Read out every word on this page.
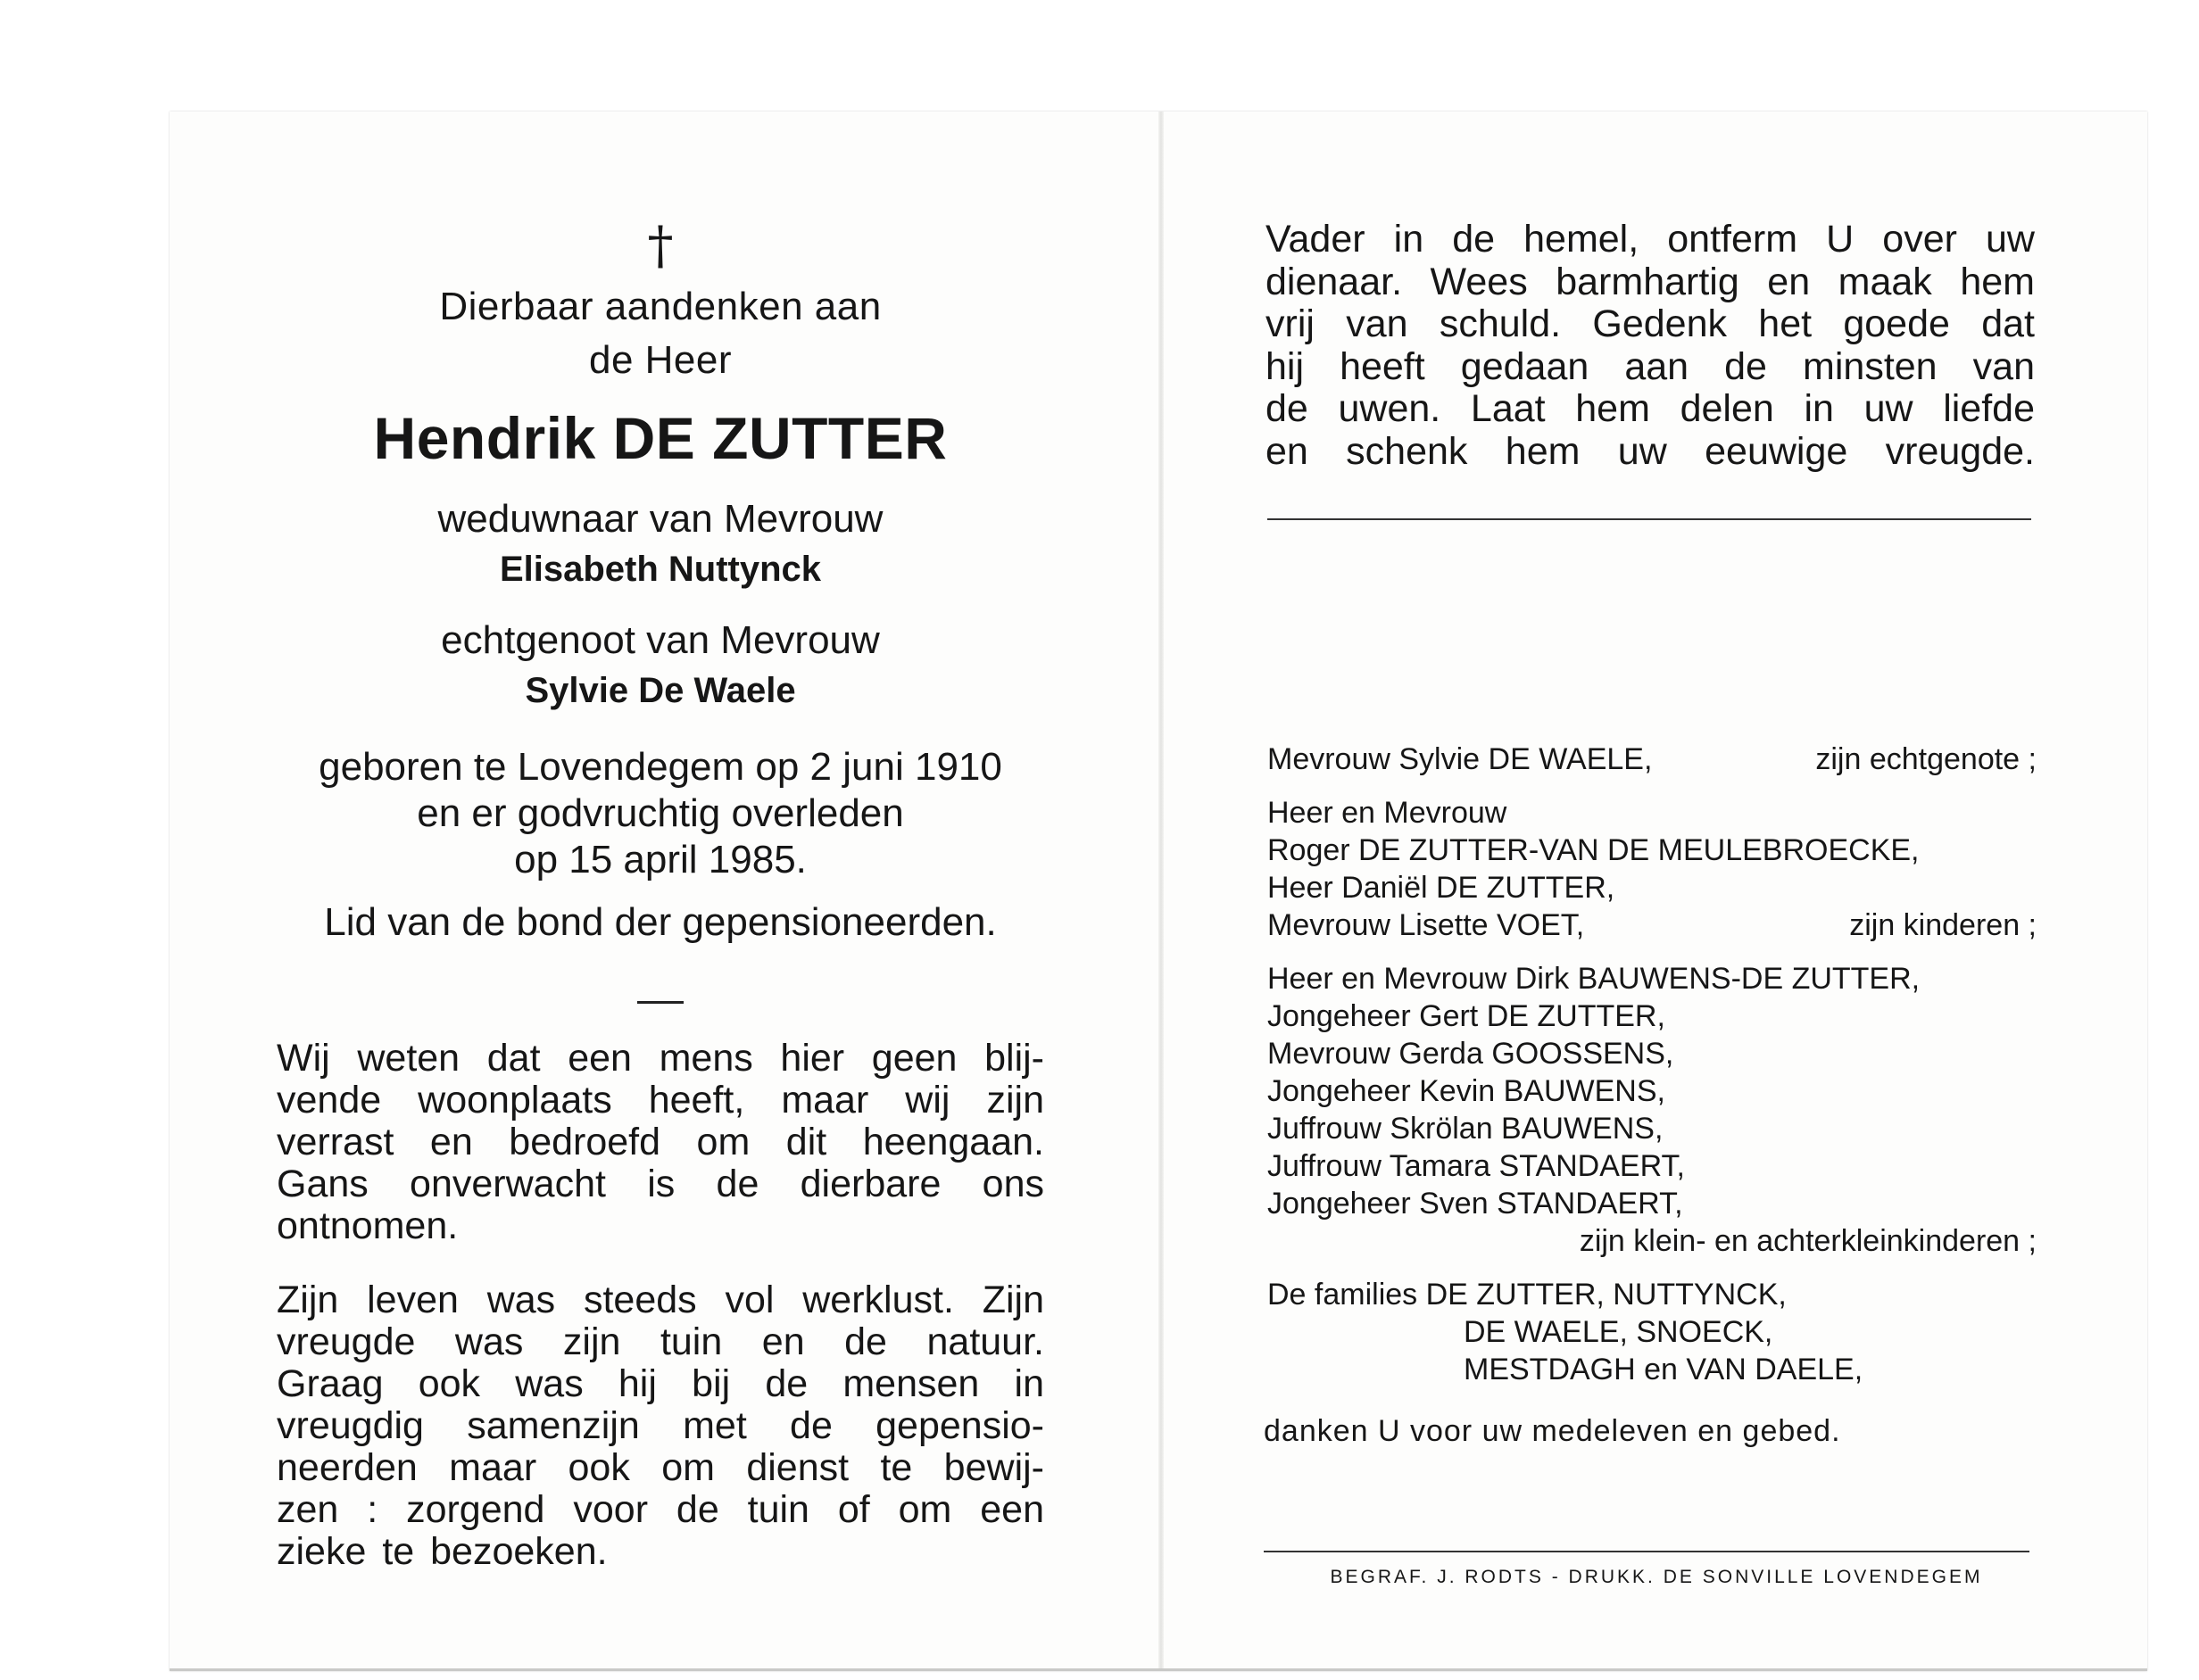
†
Dierbaar aandenken aan
de Heer
Hendrik DE ZUTTER
weduwnaar van Mevrouw
Elisabeth Nuttynck
echtgenoot van Mevrouw
Sylvie De Waele
geboren te Lovendegem op 2 juni 1910
en er godvruchtig overleden
op 15 april 1985.
Lid van de bond der gepensioneerden.
Wij weten dat een mens hier geen blij-
vende woonplaats heeft, maar wij zijn
verrast en bedroefd om dit heengaan.
Gans onverwacht is de dierbare ons
ontnomen.
Zijn leven was steeds vol werklust. Zijn
vreugde was zijn tuin en de natuur.
Graag ook was hij bij de mensen in
vreugdig samenzijn met de gepensio-
neerden maar ook om dienst te bewij-
zen : zorgend voor de tuin of om een
zieke te bezoeken.
Vader in de hemel, ontferm U over uw
dienaar. Wees barmhartig en maak hem
vrij van schuld. Gedenk het goede dat
hij heeft gedaan aan de minsten van
de uwen. Laat hem delen in uw liefde
en schenk hem uw eeuwige vreugde.
Mevrouw Sylvie DE WAELE,	zijn echtgenote ;
Heer en Mevrouw
Roger DE ZUTTER-VAN DE MEULEBROECKE,
Heer Daniël DE ZUTTER,
Mevrouw Lisette VOET,	zijn kinderen ;
Heer en Mevrouw Dirk BAUWENS-DE ZUTTER,
Jongeheer Gert DE ZUTTER,
Mevrouw Gerda GOOSSENS,
Jongeheer Kevin BAUWENS,
Juffrouw Skrölan BAUWENS,
Juffrouw Tamara STANDAERT,
Jongeheer Sven STANDAERT,
zijn klein- en achterkleinkinderen ;
De families DE ZUTTER, NUTTYNCK,
DE WAELE, SNOECK,
MESTDAGH en VAN DAELE,
danken U voor uw medeleven en gebed.
BEGRAF. J. RODTS - DRUKK. DE SONVILLE LOVENDEGEM
